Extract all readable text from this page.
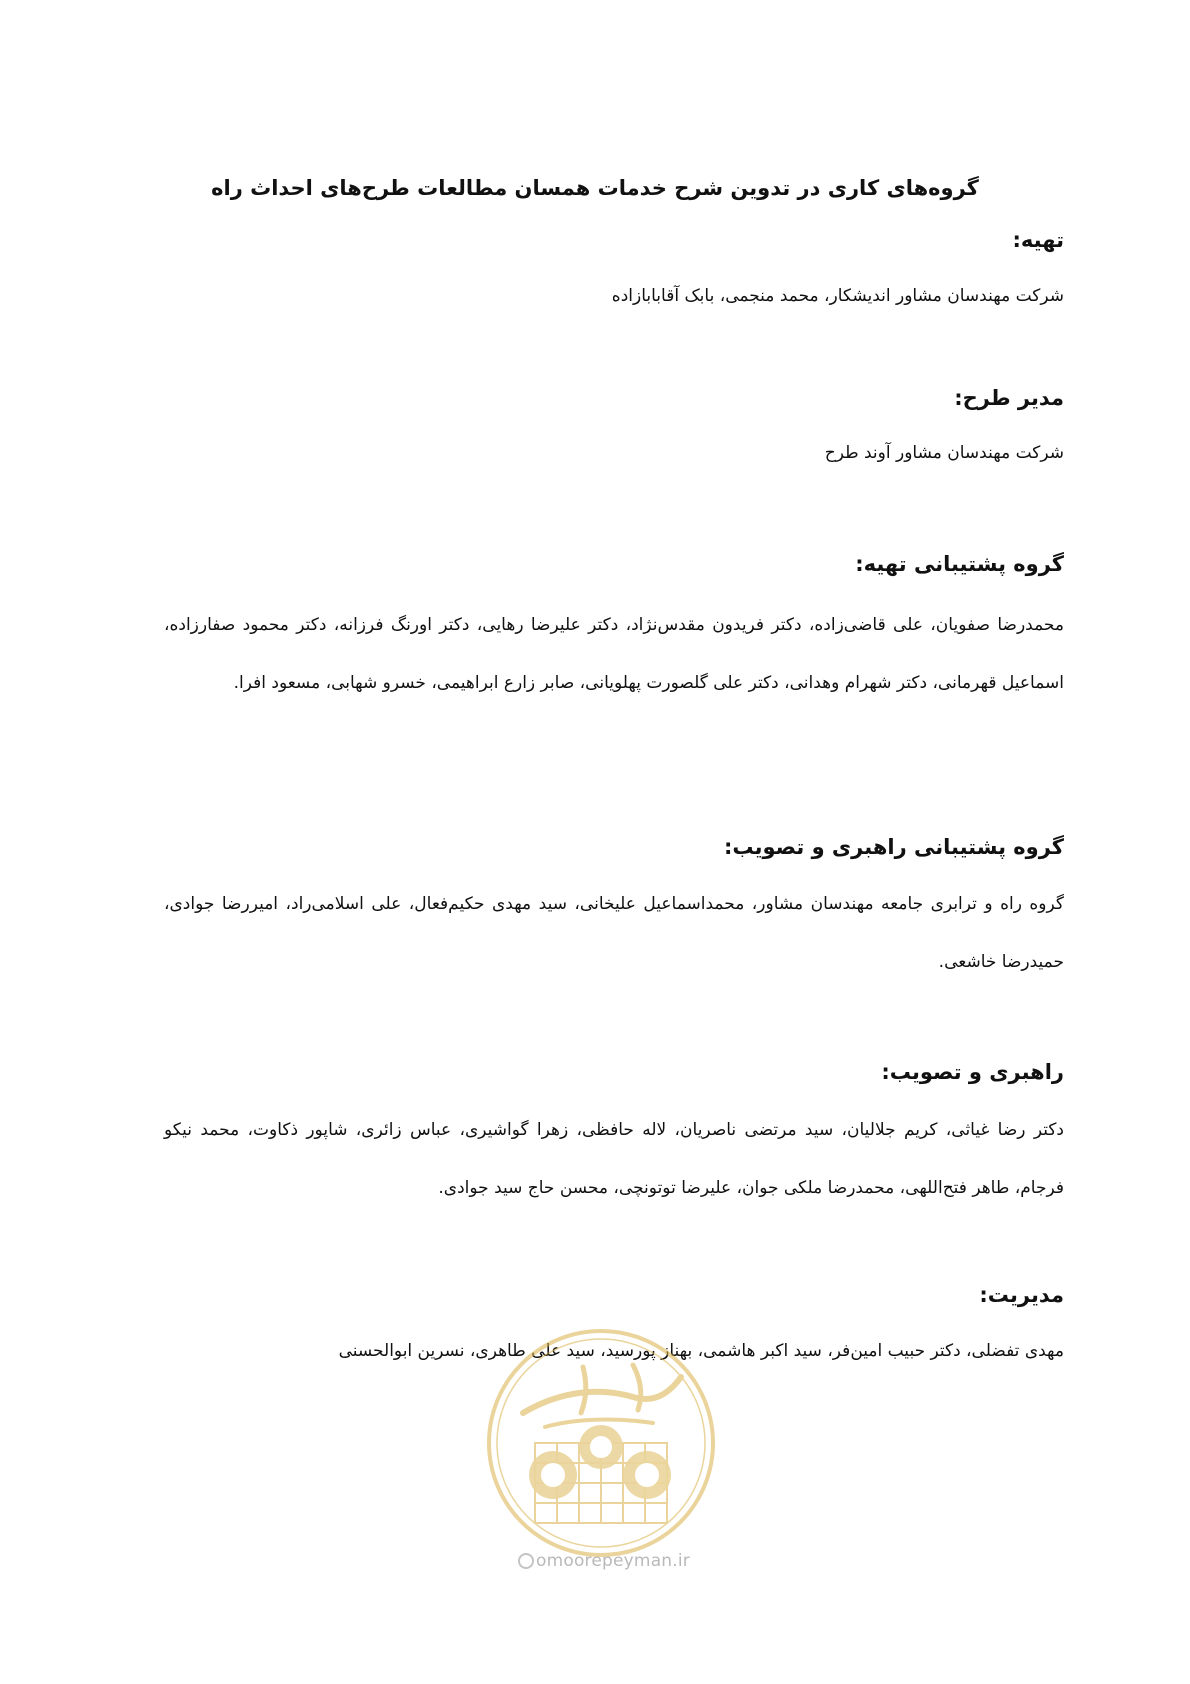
گروه‌های کاری در تدوین شرح خدمات همسان مطالعات طرح‌های احداث راه
تهیه:
شرکت مهندسان مشاور اندیشکار، محمد منجمی، بابک آقابابازاده
مدیر طرح:
شرکت مهندسان مشاور آوند طرح
گروه پشتیبانی تهیه:
محمدرضا صفویان، علی قاضی‌زاده، دکتر فریدون مقدس‌نژاد، دکتر علیرضا رهایی، دکتر اورنگ فرزانه، دکتر محمود صفارزاده، اسماعیل قهرمانی، دکتر شهرام وهدانی، دکتر علی گلصورت پهلویانی، صابر زارع ابراهیمی، خسرو شهابی، مسعود افرا.
گروه پشتیبانی راهبری و تصویب:
گروه راه و ترابری جامعه مهندسان مشاور، محمداسماعیل علیخانی، سید مهدی حکیم‌فعال، علی اسلامی‌راد، امیررضا جوادی، حمیدرضا خاشعی.
راهبری و تصویب:
دکتر رضا غیاثی، کریم جلالیان، سید مرتضی ناصریان، لاله حافظی، زهرا گواشیری، عباس زائری، شاپور ذکاوت، محمد نیکو فرجام، طاهر فتح‌اللهی، محمدرضا ملکی جوان، علیرضا توتونچی، محسن حاج سید جوادی.
مدیریت:
مهدی تفضلی، دکتر حبیب امین‌فر، سید اکبر هاشمی، بهناز پورسید، سید علی طاهری، نسرین ابوالحسنی
omoorepeyman.ir
